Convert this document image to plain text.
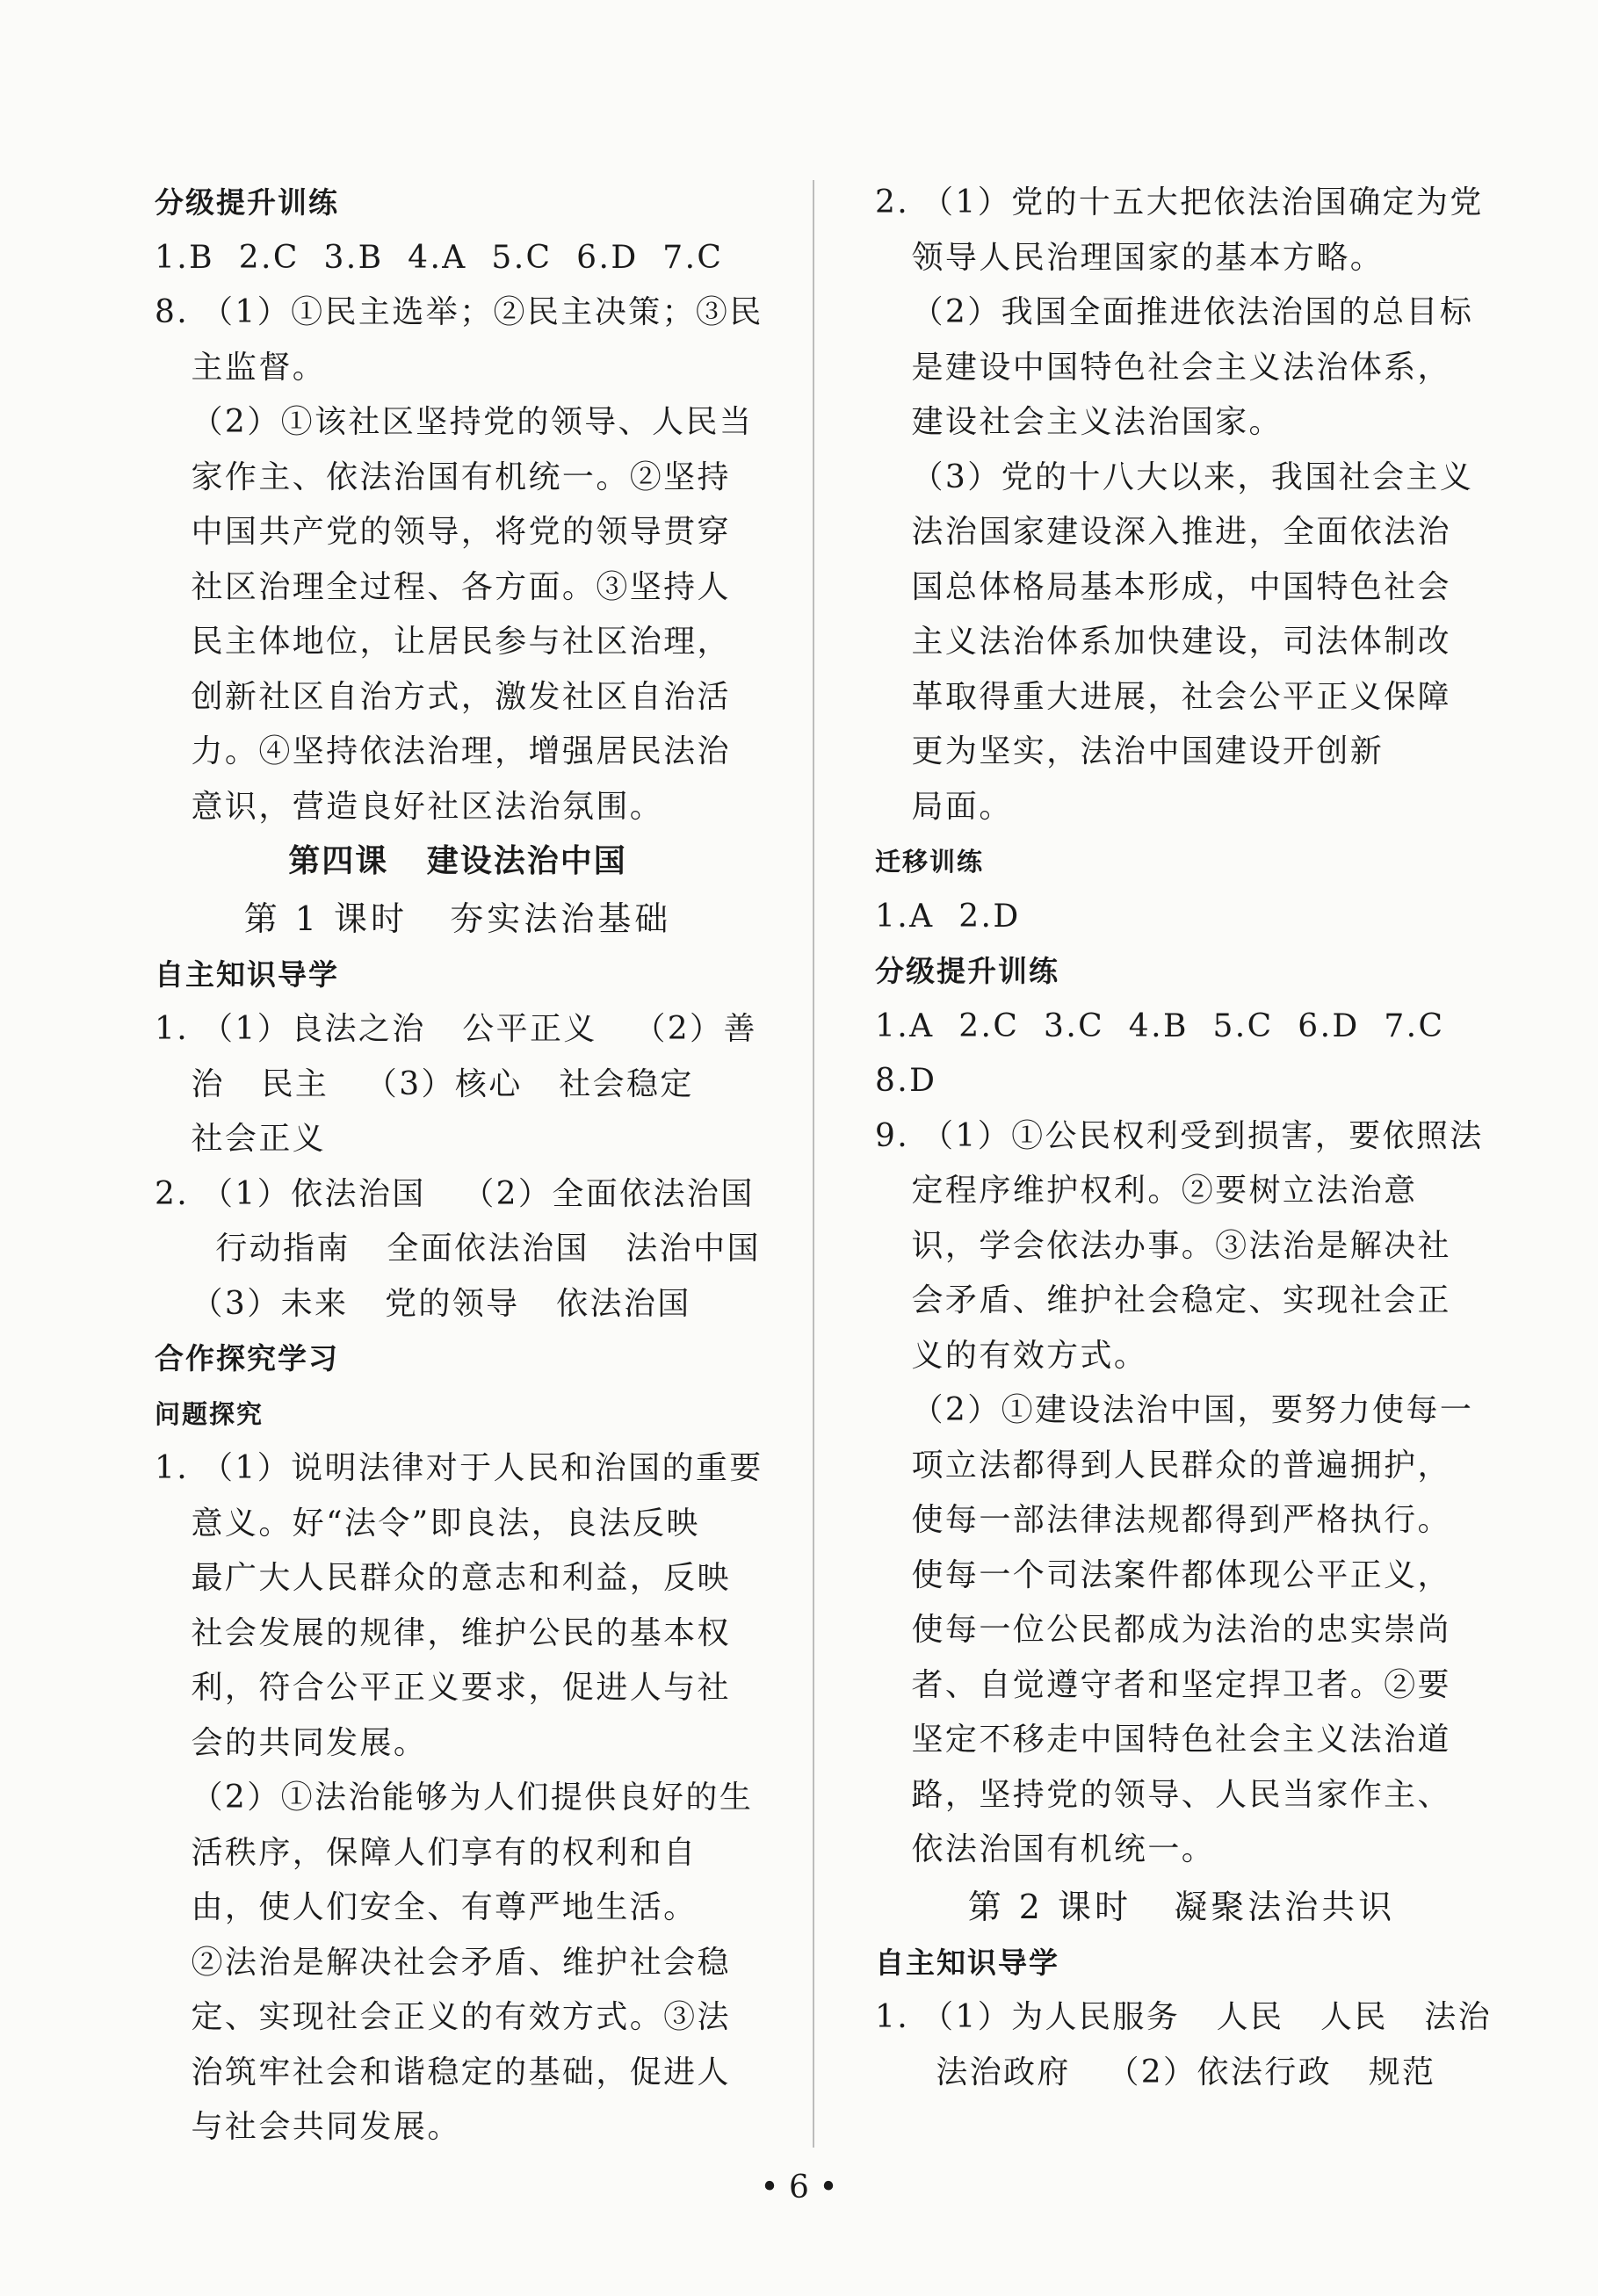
分级提升训练
1.B  2.C  3.B  4.A  5.C  6.D  7.C
8. （1）①民主选举；②民主决策；③民
主监督。
（2）①该社区坚持党的领导、人民当
家作主、依法治国有机统一。②坚持
中国共产党的领导，将党的领导贯穿
社区治理全过程、各方面。③坚持人
民主体地位，让居民参与社区治理，
创新社区自治方式，激发社区自治活
力。④坚持依法治理，增强居民法治
意识，营造良好社区法治氛围。
第四课   建设法治中国
第 1 课时   夯实法治基础
自主知识导学
1. （1）良法之治   公平正义   （2）善
治   民主   （3）核心   社会稳定
社会正义
2. （1）依法治国   （2）全面依法治国
行动指南   全面依法治国   法治中国
（3）未来   党的领导   依法治国
合作探究学习
问题探究
1. （1）说明法律对于人民和治国的重要
意义。好“法令”即良法，良法反映
最广大人民群众的意志和利益，反映
社会发展的规律，维护公民的基本权
利，符合公平正义要求，促进人与社
会的共同发展。
（2）①法治能够为人们提供良好的生
活秩序，保障人们享有的权利和自
由，使人们安全、有尊严地生活。
②法治是解决社会矛盾、维护社会稳
定、实现社会正义的有效方式。③法
治筑牢社会和谐稳定的基础，促进人
与社会共同发展。
2. （1）党的十五大把依法治国确定为党
领导人民治理国家的基本方略。
（2）我国全面推进依法治国的总目标
是建设中国特色社会主义法治体系，
建设社会主义法治国家。
（3）党的十八大以来，我国社会主义
法治国家建设深入推进，全面依法治
国总体格局基本形成，中国特色社会
主义法治体系加快建设，司法体制改
革取得重大进展，社会公平正义保障
更为坚实，法治中国建设开创新
局面。
迁移训练
1.A  2.D
分级提升训练
1.A  2.C  3.C  4.B  5.C  6.D  7.C
8.D
9. （1）①公民权利受到损害，要依照法
定程序维护权利。②要树立法治意
识，学会依法办事。③法治是解决社
会矛盾、维护社会稳定、实现社会正
义的有效方式。
（2）①建设法治中国，要努力使每一
项立法都得到人民群众的普遍拥护，
使每一部法律法规都得到严格执行。
使每一个司法案件都体现公平正义，
使每一位公民都成为法治的忠实崇尚
者、自觉遵守者和坚定捍卫者。②要
坚定不移走中国特色社会主义法治道
路，坚持党的领导、人民当家作主、
依法治国有机统一。
第 2 课时   凝聚法治共识
自主知识导学
1. （1）为人民服务   人民   人民   法治
法治政府   （2）依法行政   规范
• 6 •
